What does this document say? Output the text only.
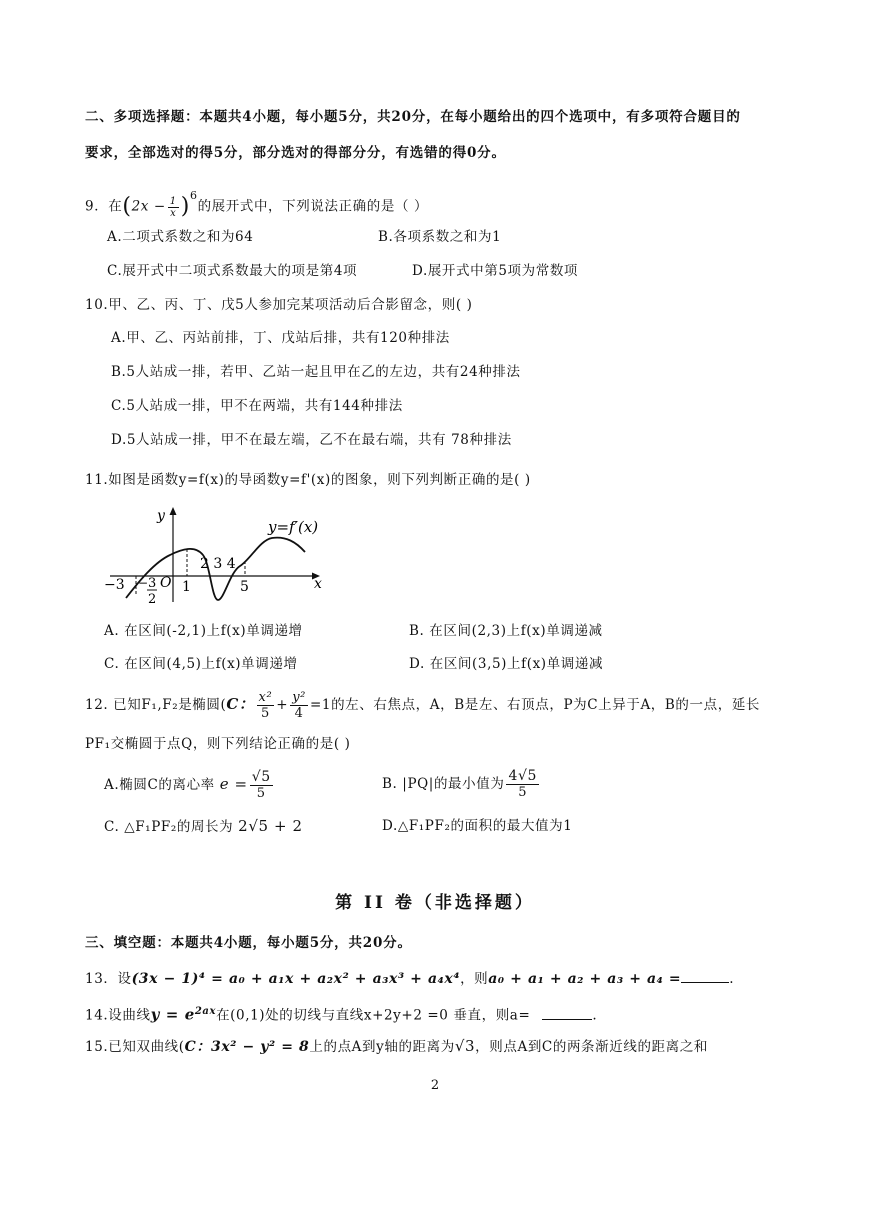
二、多项选择题：本题共4小题，每小题5分，共20分，在每小题给出的四个选项中，有多项符合题目的
要求，全部选对的得5分，部分选对的得部分分，有选错的得0分。
9．在$(2x - \frac{1}{x} )^6$的展开式中，下列说法正确的是（ ）
A.二项式系数之和为64	B.各项系数之和为1
C.展开式中二项式系数最大的项是第4项	D.展开式中第5项为常数项
10.甲、乙、丙、丁、戊5人参加完某项活动后合影留念，则( )
A.甲、乙、丙站前排，丁、戊站后排，共有120种排法
B.5人站成一排，若甲、乙站一起且甲在乙的左边，共有24种排法
C.5人站成一排，甲不在两端，共有144种排法
D.5人站成一排，甲不在最左端，乙不在最右端，共有 78种排法
11.如图是函数y=f(x)的导函数y=f'(x)的图象，则下列判断正确的是( )
y
x
y=f′(x)
−3 − 3
2
O 1
2 3 4
5
A. 在区间(-2,1)上f(x)单调递增	B. 在区间(2,3)上f(x)单调递减
C. 在区间(4,5)上f(x)单调递增	D. 在区间(3,5)上f(x)单调递减
12. 已知F₁,F₂是椭圆(C： $\frac{\text{x²}}{5} + \frac{\text{y²}}{4} =1$的左、右焦点，A，B是左、右顶点，P为C上异于A，B的一点，延长
PF₁交椭圆于点Q，则下列结论正确的是( )
A.椭圆C的离心率 $e = \frac{√5}{5}$	B. |PQ|的最小值为 $\frac{4√5}{5}$
C. △F₁PF₂的周长为 2√5 + 2	D.△F₁PF₂的面积的最大值为1
第 II 卷（非选择题）
三、填空题：本题共4小题，每小题5分，共20分。
13．设(3x − 1)⁴ = a₀ + a₁x + a₂x² + a₃x³ + a₄x⁴，则a₀ + a₁ + a₂ + a₃ + a₄ =	.
14.设曲线$y = e^{2ax}$在(0,1)处的切线与直线x+2y+2 =0 垂直，则a=	.
15.已知双曲线(C：3x² − y² = 8上的点A到y轴的距离为√3，则点A到C的两条渐近线的距离之和
2
